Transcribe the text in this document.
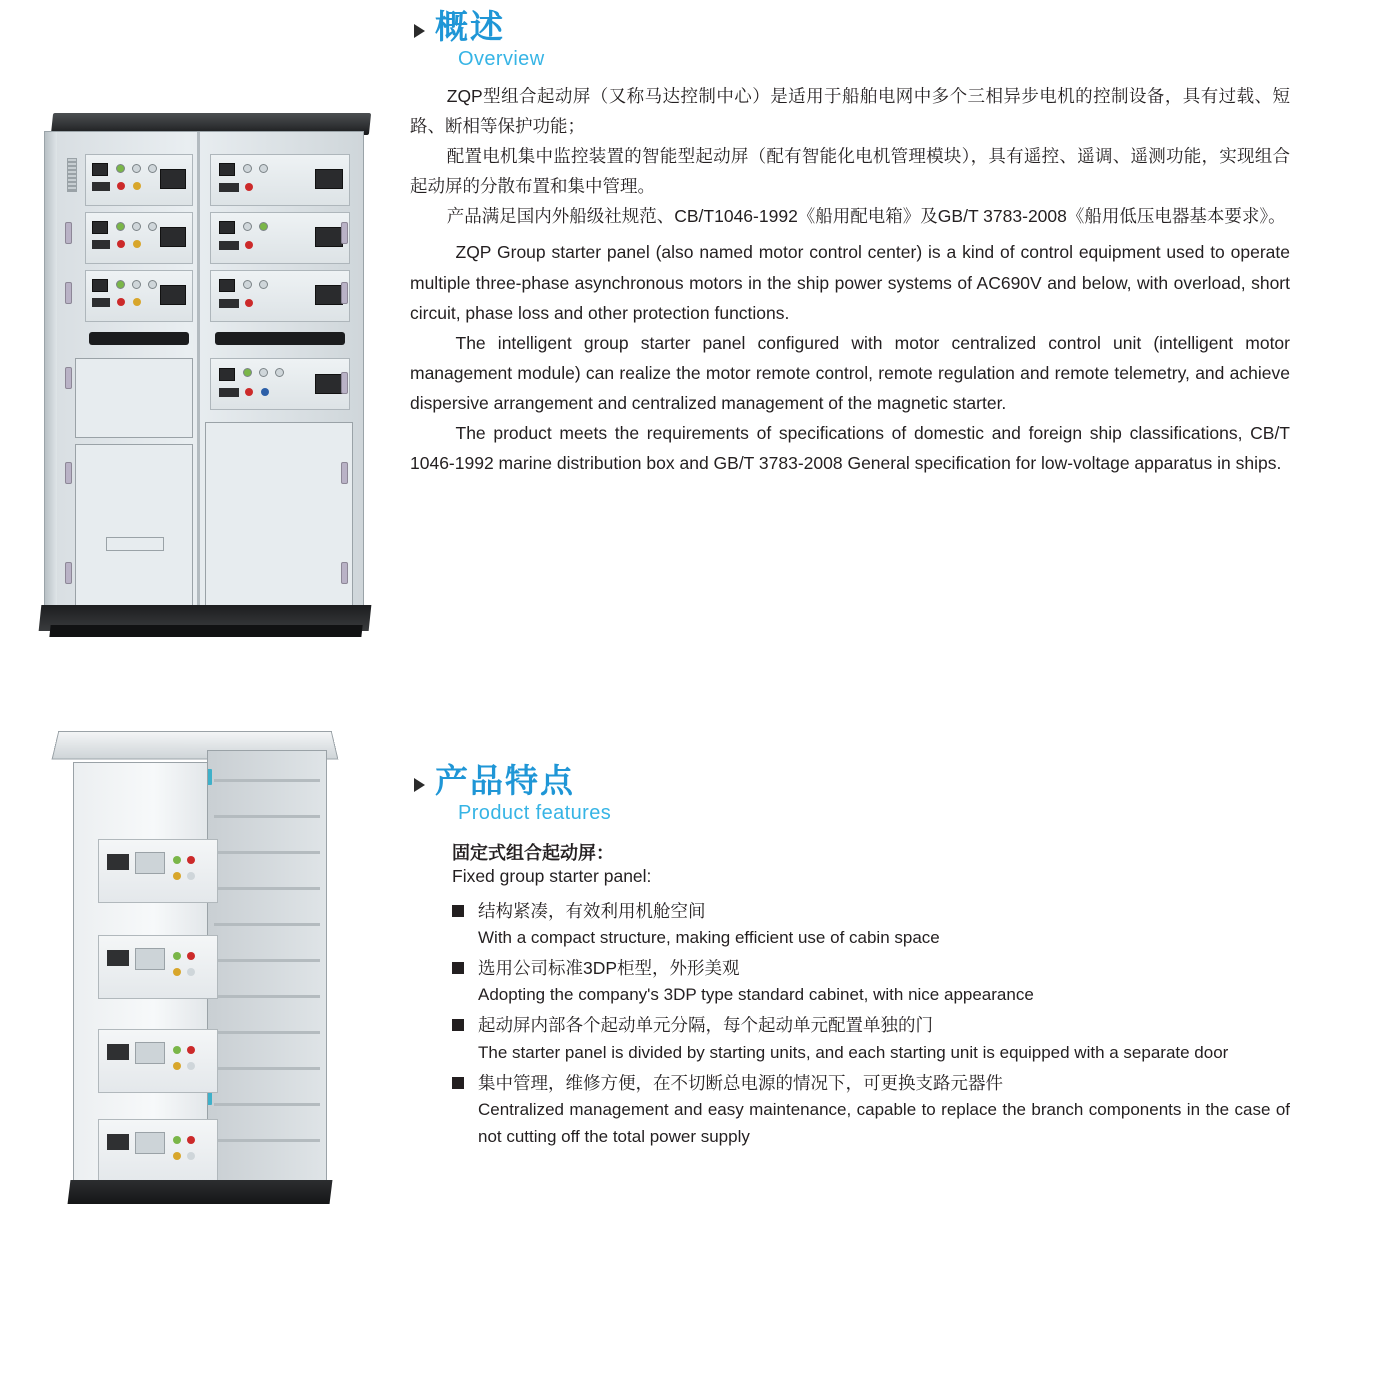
概述
Overview
ZQP型组合起动屏（又称马达控制中心）是适用于船舶电网中多个三相异步电机的控制设备，具有过载、短路、断相等保护功能；
配置电机集中监控装置的智能型起动屏（配有智能化电机管理模块），具有遥控、遥调、遥测功能，实现组合起动屏的分散布置和集中管理。
产品满足国内外船级社规范、CB/T1046-1992《船用配电箱》及GB/T 3783-2008《船用低压电器基本要求》。
ZQP Group starter panel (also named motor control center) is a kind of control equipment used to operate multiple three-phase asynchronous motors in the ship power systems of AC690V and below, with overload, short circuit, phase loss and other protection functions.
The intelligent group starter panel configured with motor centralized control unit (intelligent motor management module) can realize the motor remote control, remote regulation and remote telemetry, and achieve dispersive arrangement and centralized management of the magnetic starter.
The product meets the requirements of specifications of domestic and foreign ship classifications, CB/T 1046-1992 marine distribution box and GB/T 3783-2008 General specification for low-voltage apparatus in ships.
产品特点
Product features
固定式组合起动屏：
Fixed group starter panel:
结构紧凑，有效利用机舱空间
With a compact structure, making efficient use of cabin space
选用公司标准3DP柜型，外形美观
Adopting the company's 3DP type standard cabinet, with nice appearance
起动屏内部各个起动单元分隔，每个起动单元配置单独的门
The starter panel is divided by starting units, and each starting unit is equipped with a separate door
集中管理，维修方便，在不切断总电源的情况下，可更换支路元器件
Centralized management and easy maintenance, capable to replace the branch components in the case of not cutting off the total power supply
